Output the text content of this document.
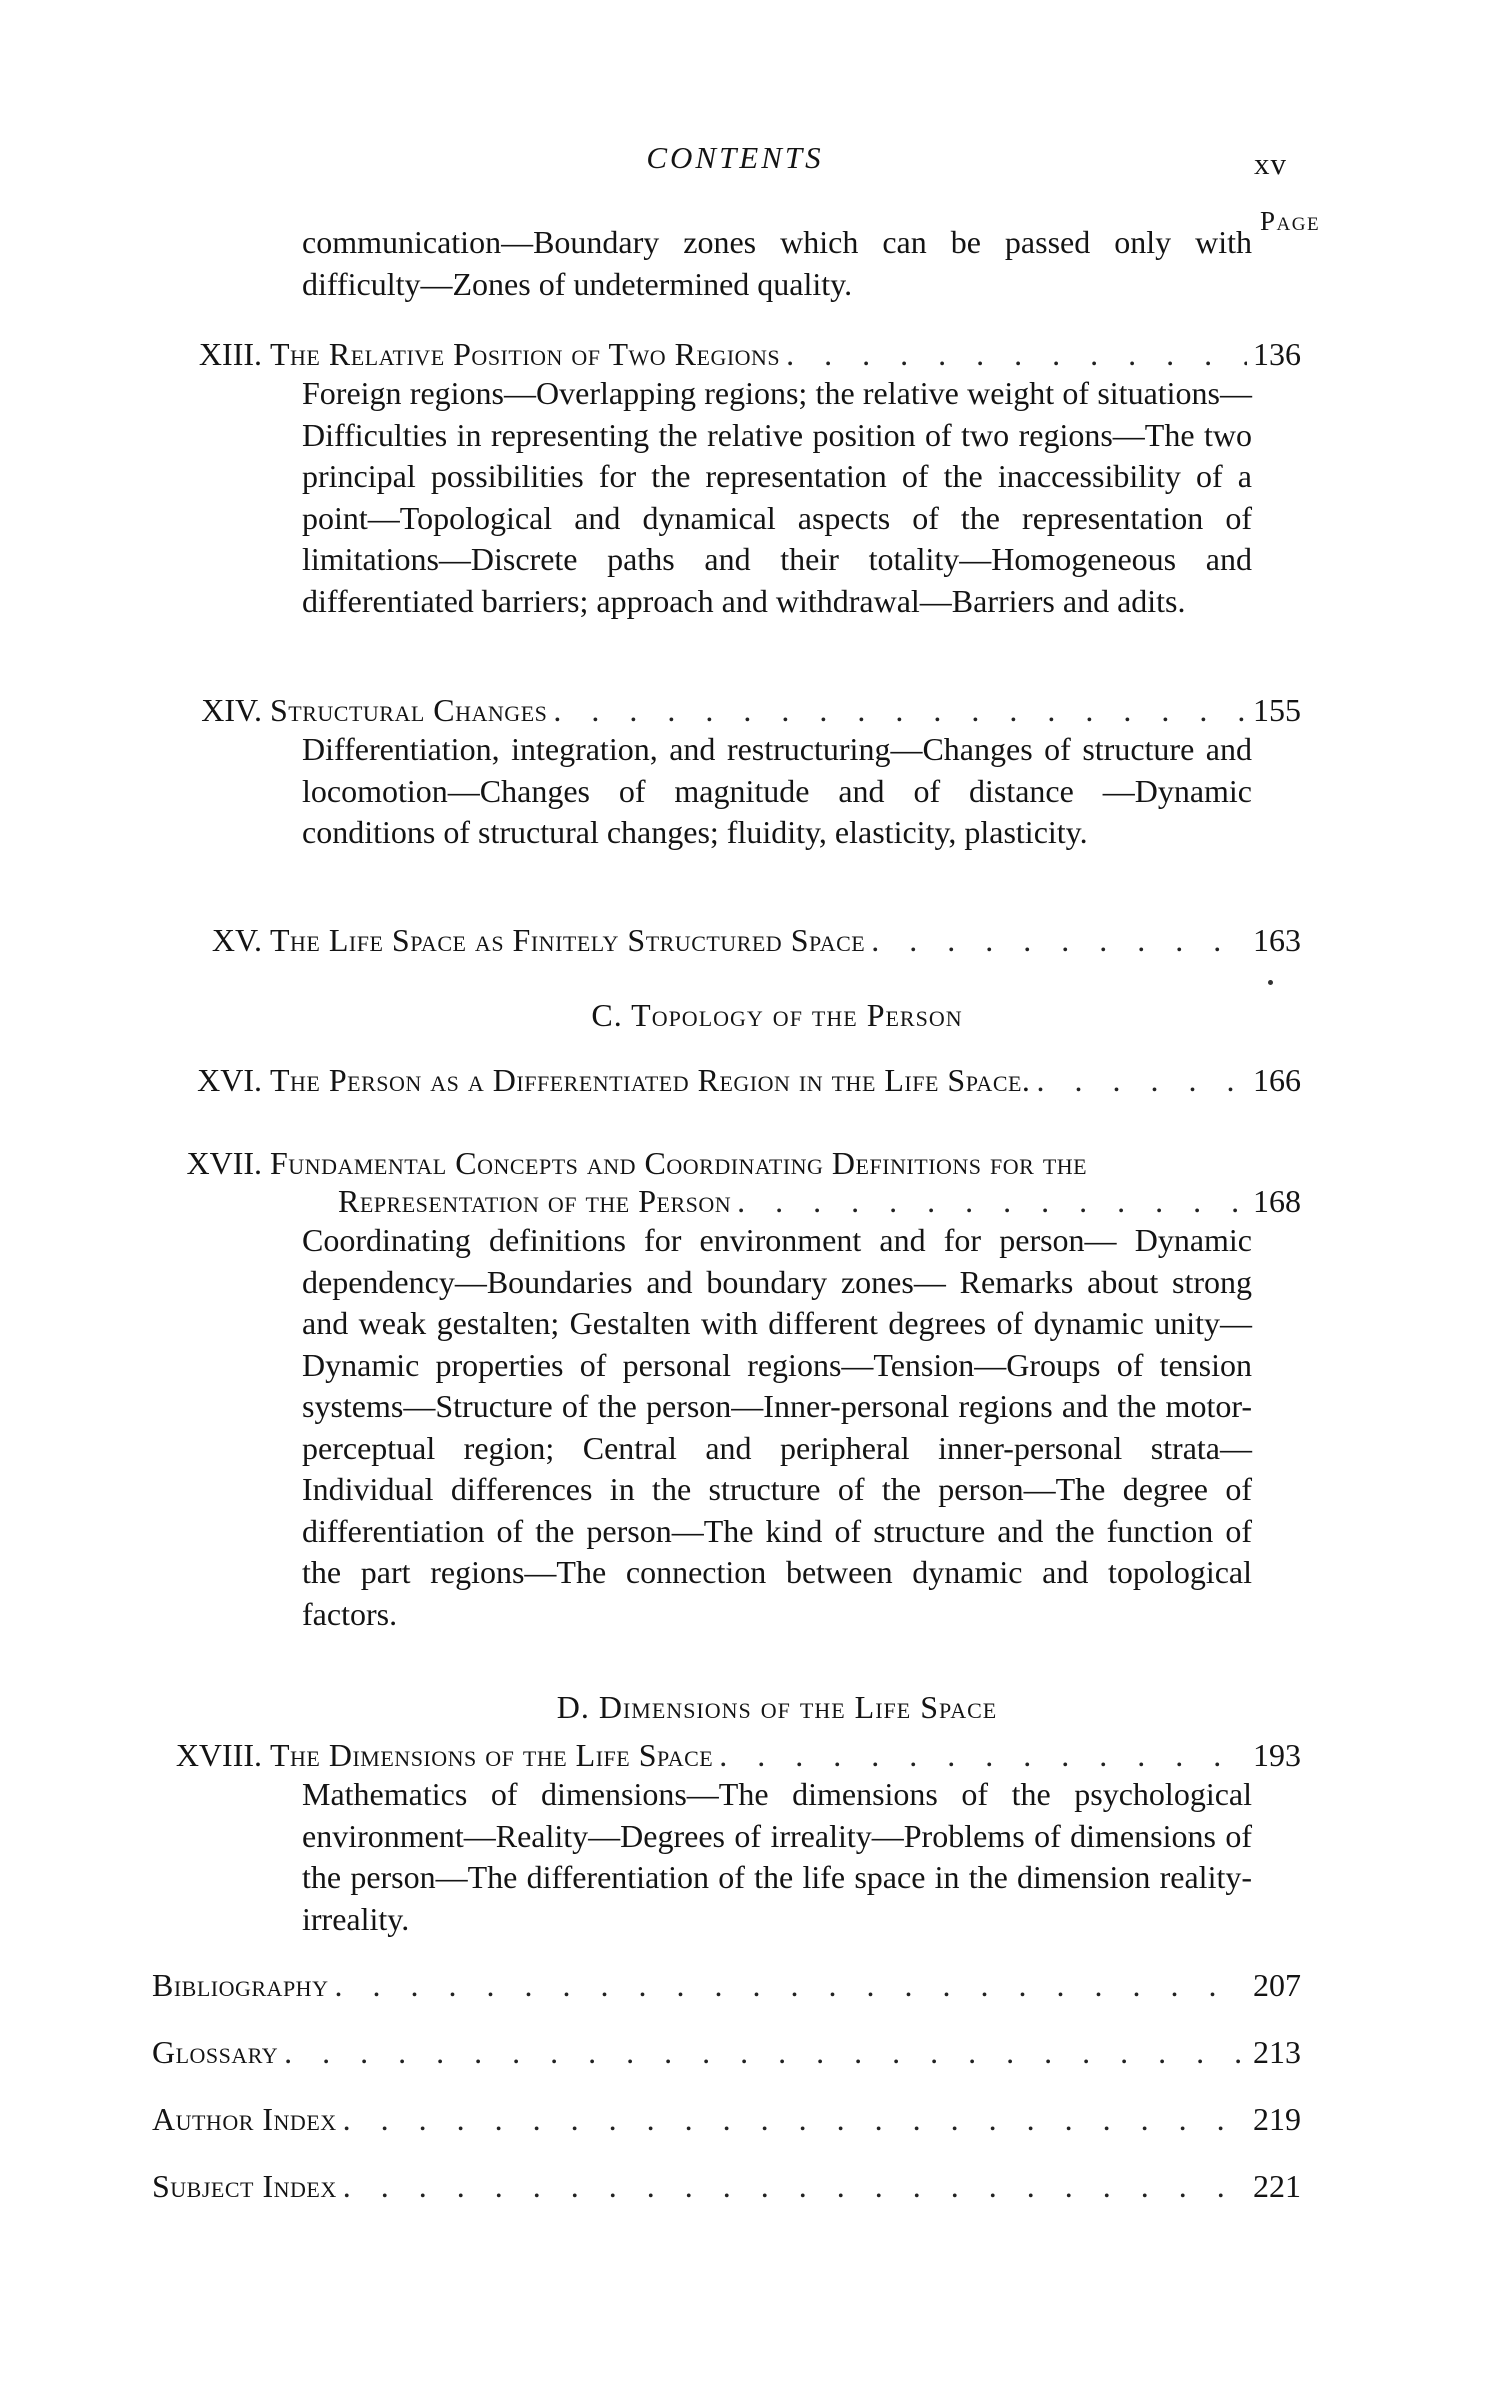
CONTENTS	xv
Page
communication—Boundary zones which can be passed only with difficulty—Zones of undetermined quality.
XIII. The Relative Position of Two Regions . . .	136
Foreign regions—Overlapping regions; the relative weight of situations—Difficulties in representing the relative position of two regions—The two principal possibilities for the representation of the inaccessibility of a point—Topological and dynamical aspects of the representation of limitations—Discrete paths and their totality—Homogeneous and differentiated barriers; approach and withdrawal—Barriers and adits.
XIV. Structural Changes . . .	155
Differentiation, integration, and restructuring—Changes of structure and locomotion—Changes of magnitude and of distance —Dynamic conditions of structural changes; fluidity, elasticity, plasticity.
XV. The Life Space as Finitely Structured Space . . .	163
C. Topology of the Person
XVI. The Person as a Differentiated Region in the Life Space. . . .	166
XVII. Fundamental Concepts and Coordinating Definitions for the
Representation of the Person . . .	168
Coordinating definitions for environment and for person— Dynamic dependency—Boundaries and boundary zones— Remarks about strong and weak gestalten; Gestalten with different degrees of dynamic unity—Dynamic properties of personal regions—Tension—Groups of tension systems—Structure of the person—Inner-personal regions and the motor-perceptual region; Central and peripheral inner-personal strata—Individual differences in the structure of the person—The degree of differentiation of the person—The kind of structure and the function of the part regions—The connection between dynamic and topological factors.
D. Dimensions of the Life Space
XVIII. The Dimensions of the Life Space . . .	193
Mathematics of dimensions—The dimensions of the psychological environment—Reality—Degrees of irreality—Problems of dimensions of the person—The differentiation of the life space in the dimension reality-irreality.
Bibliography . . .	207
Glossary . . .	213
Author Index . . .	219
Subject Index . . .	221
